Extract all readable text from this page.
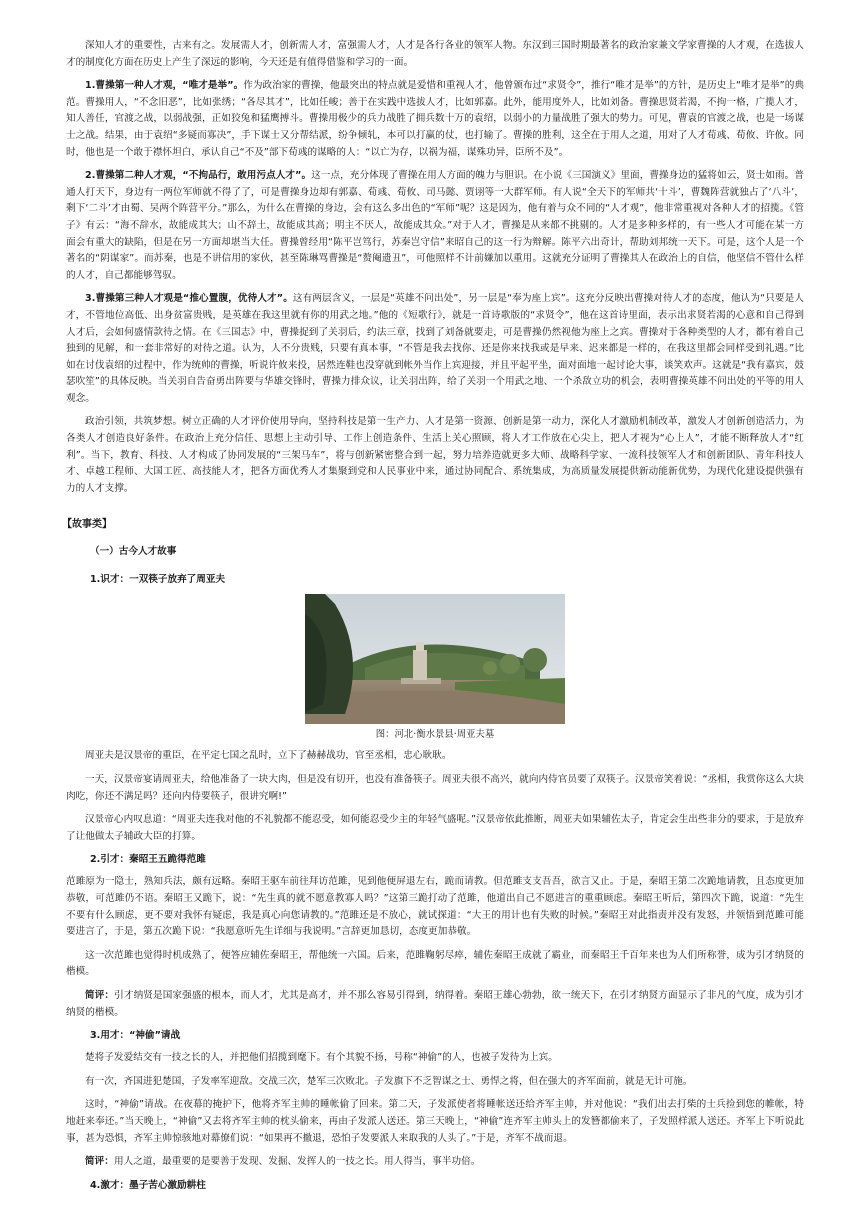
深知人才的重要性，古来有之。发展需人才，创新需人才，富强需人才，人才是各行各业的领军人物。东汉到三国时期最著名的政治家兼文学家曹操的人才观，在选拔人才的制度化方面在历史上产生了深远的影响，今天还是有值得借鉴和学习的一面。

1.曹操第一种人才观，“唯才是举”。作为政治家的曹操，他最突出的特点就是爱惜和重视人才，他曾颁布过“求贤令”，推行“唯才是举”的方针，是历史上“唯才是举”的典范。曹操用人，“不念旧恶”，比如张绣；“各尽其才”，比如任峻；善于在实践中选拔人才，比如郭嘉。此外，能用度外人，比如刘备。曹操思贤若渴，不拘一格，广揽人才，知人善任，官渡之战，以弱战强，正如狡兔和猛鹰搏斗。曹操用极少的兵力战胜了拥兵数十万的袁绍，以弱小的力量战胜了强大的势力。可见，曹袁的官渡之战，也是一场谋士之战。结果，由于袁绍“多疑而寡决”，手下谋士又分帮结派，纷争倾轧，本可以打赢的仗，也打输了。曹操的胜利，这全在于用人之道，用对了人才荀彧、荀攸、许攸。同时，他也是一个敢于襟怀坦白，承认自己“不及”部下荀彧的谋略的人：“以亡为存，以祸为福，谋殊功异，臣所不及”。

2.曹操第二种人才观，“不拘品行，敢用污点人才”。这一点，充分体现了曹操在用人方面的魄力与胆识。在小说《三国演义》里面，曹操身边的猛将如云，贤士如雨。普通人打天下，身边有一两位军师就不得了了，可是曹操身边却有郭嘉、荀彧、荀攸、司马懿、贾诩等一大群军师。有人说“全天下的军师共‘十斗’，曹魏阵营就独占了‘八斗’，剩下‘二斗’才由蜀、吴两个阵营平分。”那么，为什么在曹操的身边，会有这么多出色的“军师”呢？这是因为，他有着与众不同的“人才观”，他非常重视对各种人才的招揽。《管子》有云：“海不辞水，故能成其大；山不辞土，故能成其高；明主不厌人，故能成其众。”对于人才，曹操是从来都不挑剔的。人才是多种多样的，有一些人才可能在某一方面会有重大的缺陷，但是在另一方面却堪当大任。曹操曾经用“陈平岂笃行，苏秦岂守信”来昭自己的这一行为辩解。陈平六出奇计，帮助刘邦统一天下。可是，这个人是一个著名的“阴谋家”。而苏秦，也是不讲信用的家伙，甚至陈琳骂曹操是“赘阉遗丑”，可他照样不计前嫌加以重用。这就充分证明了曹操其人在政治上的自信，他坚信不管什么样的人才，自己都能够驾驭。

3.曹操第三种人才观是“推心置腹，优待人才”。这有两层含义，一层是“英雄不问出处”，另一层是“奉为座上宾”。这充分反映出曹操对待人才的态度，他认为“只要是人才，不管地位高低、出身贫富贵贱，是英雄在我这里就有你的用武之地。”他的《短歌行》，就是一首诗歌版的“求贤令”，他在这首诗里面，表示出求贤若渴的心意和自己得到人才后，会如何盛情款待之情。在《三国志》中，曹操捉到了关羽后，约法三章，找到了刘备就要走，可是曹操仍然视他为座上之宾。曹操对于各种类型的人才，都有着自己独到的见解，和一套非常好的对待之道。认为，人不分贵贱，只要有真本事，“不管是我去找你、还是你来找我或是早来、迟来都是一样的，在我这里都会同样受到礼遇。”比如在讨伐袁绍的过程中，作为统帅的曹操，听说许攸来投，居然连鞋也没穿就到帐外当作上宾迎接，并且平起平坐，面对面地一起讨论大事，谈笑欢声。这就是“我有嘉宾，鼓瑟吹笙”的具体反映。当关羽自告奋勇出阵要与华雄交锋时，曹操力排众议，让关羽出阵，给了关羽一个用武之地、一个杀敌立功的机会，表明曹操英雄不问出处的平等的用人观念。

政治引领，共筑梦想。树立正确的人才评价使用导向，坚持科技是第一生产力、人才是第一资源、创新是第一动力，深化人才激励机制改革，激发人才创新创造活力，为各类人才创造良好条件。在政治上充分信任、思想上主动引导、工作上创造条件、生活上关心照顾，将人才工作放在心尖上，把人才视为“心上人”，才能不断释放人才“红利”。当下，教育、科技、人才构成了协同发展的“三架马车”，将与创新紧密整合到一起，努力培养造就更多大师、战略科学家、一流科技领军人才和创新团队、青年科技人才、卓越工程师、大国工匠、高技能人才，把各方面优秀人才集聚到党和人民事业中来，通过协同配合、系统集成，为高质量发展提供新动能新优势，为现代化建设提供强有力的人才支撑。

【故事类】
（一）古今人才故事
1.识才：一双筷子放弃了周亚夫
图：河北·衡水景县·周亚夫墓

周亚夫是汉景帝的重臣，在平定七国之乱时，立下了赫赫战功，官至丞相，忠心耿耿。

一天，汉景帝宴请周亚夫，给他准备了一块大肉，但是没有切开，也没有准备筷子。周亚夫很不高兴，就向内侍官员要了双筷子。汉景帝笑着说：“丞相，我赏你这么大块肉吃，你还不满足吗？还向内侍要筷子，很讲究啊!”

汉景帝心内叹息道：“周亚夫连我对他的不礼貌都不能忍受，如何能忍受少主的年轻气盛呢。”汉景帝依此推断，周亚夫如果辅佐太子，肯定会生出些非分的要求，于是放弃了让他做太子辅政大臣的打算。

2.引才：秦昭王五跪得范雎

范雎原为一隐士，熟知兵法，颇有远略。秦昭王驱车前往拜访范雎，见到他便屏退左右，跪而请教。但范雎支支吾吾，欲言又止。于是，秦昭王第二次跪地请教，且态度更加恭敬，可范雎仍不语。秦昭王又跪下，说：“先生真的就不愿意教寡人吗？”这第三跪打动了范雎，他道出自己不愿进言的重重顾虑。秦昭王听后，第四次下跪，说道：“先生不要有什么顾虑，更不要对我怀有疑虑，我是真心向您请教的。”范雎还是不放心，就试探道：“大王的用计也有失败的时候。”秦昭王对此指责并没有发怒，并领悟到范雎可能要进言了，于是，第五次跪下说：“我愿意听先生详细与我说明。”言辞更加恳切，态度更加恭敬。

这一次范雎也觉得时机成熟了，便答应辅佐秦昭王，帮他统一六国。后来，范雎鞠躬尽瘁，辅佐秦昭王成就了霸业，而秦昭王千百年来也为人们所称誉，成为引才纳贤的楷模。

简评：引才纳贤是国家强盛的根本，而人才，尤其是高才，并不那么容易引得到，纳得着。秦昭王雄心勃勃，欲一统天下，在引才纳贤方面显示了非凡的气度，成为引才纳贤的楷模。

3.用才：“神偷”请战

楚将子发爱结交有一技之长的人，并把他们招揽到麾下。有个其貌不扬，号称“神偷”的人，也被子发待为上宾。

有一次，齐国进犯楚国，子发率军迎敌。交战三次，楚军三次败北。子发旗下不乏智谋之士、勇悍之将，但在强大的齐军面前，就是无计可施。

这时，“神偷”请战。在夜幕的掩护下，他将齐军主帅的睡帐偷了回来。第二天，子发派使者将睡帐送还给齐军主帅，并对他说：“我们出去打柴的士兵捡到您的帷帐，特地赶来奉还。”当天晚上，“神偷”又去将齐军主帅的枕头偷来，再由子发派人送还。第三天晚上，“神偷”连齐军主帅头上的发簪都偷来了，子发照样派人送还。齐军上下听说此事，甚为恐惧，齐军主帅惊骇地对幕僚们说：“如果再不撤退，恐怕子发要派人来取我的人头了。”于是，齐军不战而退。

简评：用人之道，最重要的是要善于发现、发掘、发挥人的一技之长。用人得当，事半功倍。

4.激才：墨子苦心激励耕柱
